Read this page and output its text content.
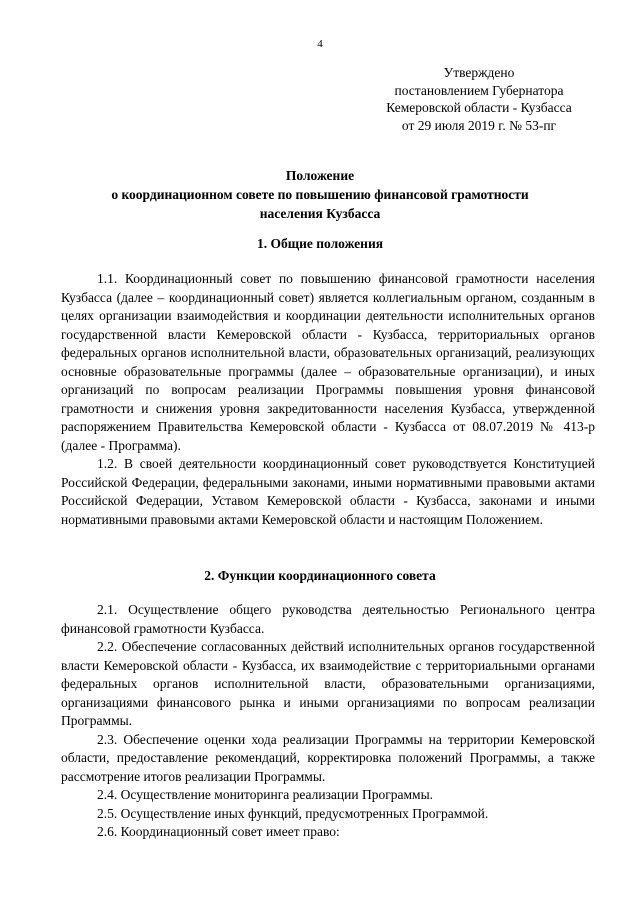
4
Утверждено
постановлением Губернатора
Кемеровской области - Кузбасса
от 29 июля 2019 г. № 53-пг
Положение
о координационном совете по повышению финансовой грамотности
населения Кузбасса
1. Общие положения

1.1. Координационный совет по повышению финансовой грамотности населения Кузбасса (далее – координационный совет) является коллегиальным органом, созданным в целях организации взаимодействия и координации деятельности исполнительных органов государственной власти Кемеровской области - Кузбасса, территориальных органов федеральных органов исполнительной власти, образовательных организаций, реализующих основные образовательные программы (далее – образовательные организации), и иных организаций по вопросам реализации Программы повышения уровня финансовой грамотности и снижения уровня закредитованности населения Кузбасса, утвержденной распоряжением Правительства Кемеровской области - Кузбасса от 08.07.2019 № 413-р (далее - Программа).

1.2. В своей деятельности координационный совет руководствуется Конституцией Российской Федерации, федеральными законами, иными нормативными правовыми актами Российской Федерации, Уставом Кемеровской области - Кузбасса, законами и иными нормативными правовыми актами Кемеровской области и настоящим Положением.

2. Функции координационного совета

2.1. Осуществление общего руководства деятельностью Регионального центра финансовой грамотности Кузбасса.

2.2. Обеспечение согласованных действий исполнительных органов государственной власти Кемеровской области - Кузбасса, их взаимодействие с территориальными органами федеральных органов исполнительной власти, образовательными организациями, организациями финансового рынка и иными организациями по вопросам реализации Программы.

2.3. Обеспечение оценки хода реализации Программы на территории Кемеровской области, предоставление рекомендаций, корректировка положений Программы, а также рассмотрение итогов реализации Программы.

2.4. Осуществление мониторинга реализации Программы.

2.5. Осуществление иных функций, предусмотренных Программой.

2.6. Координационный совет имеет право:
